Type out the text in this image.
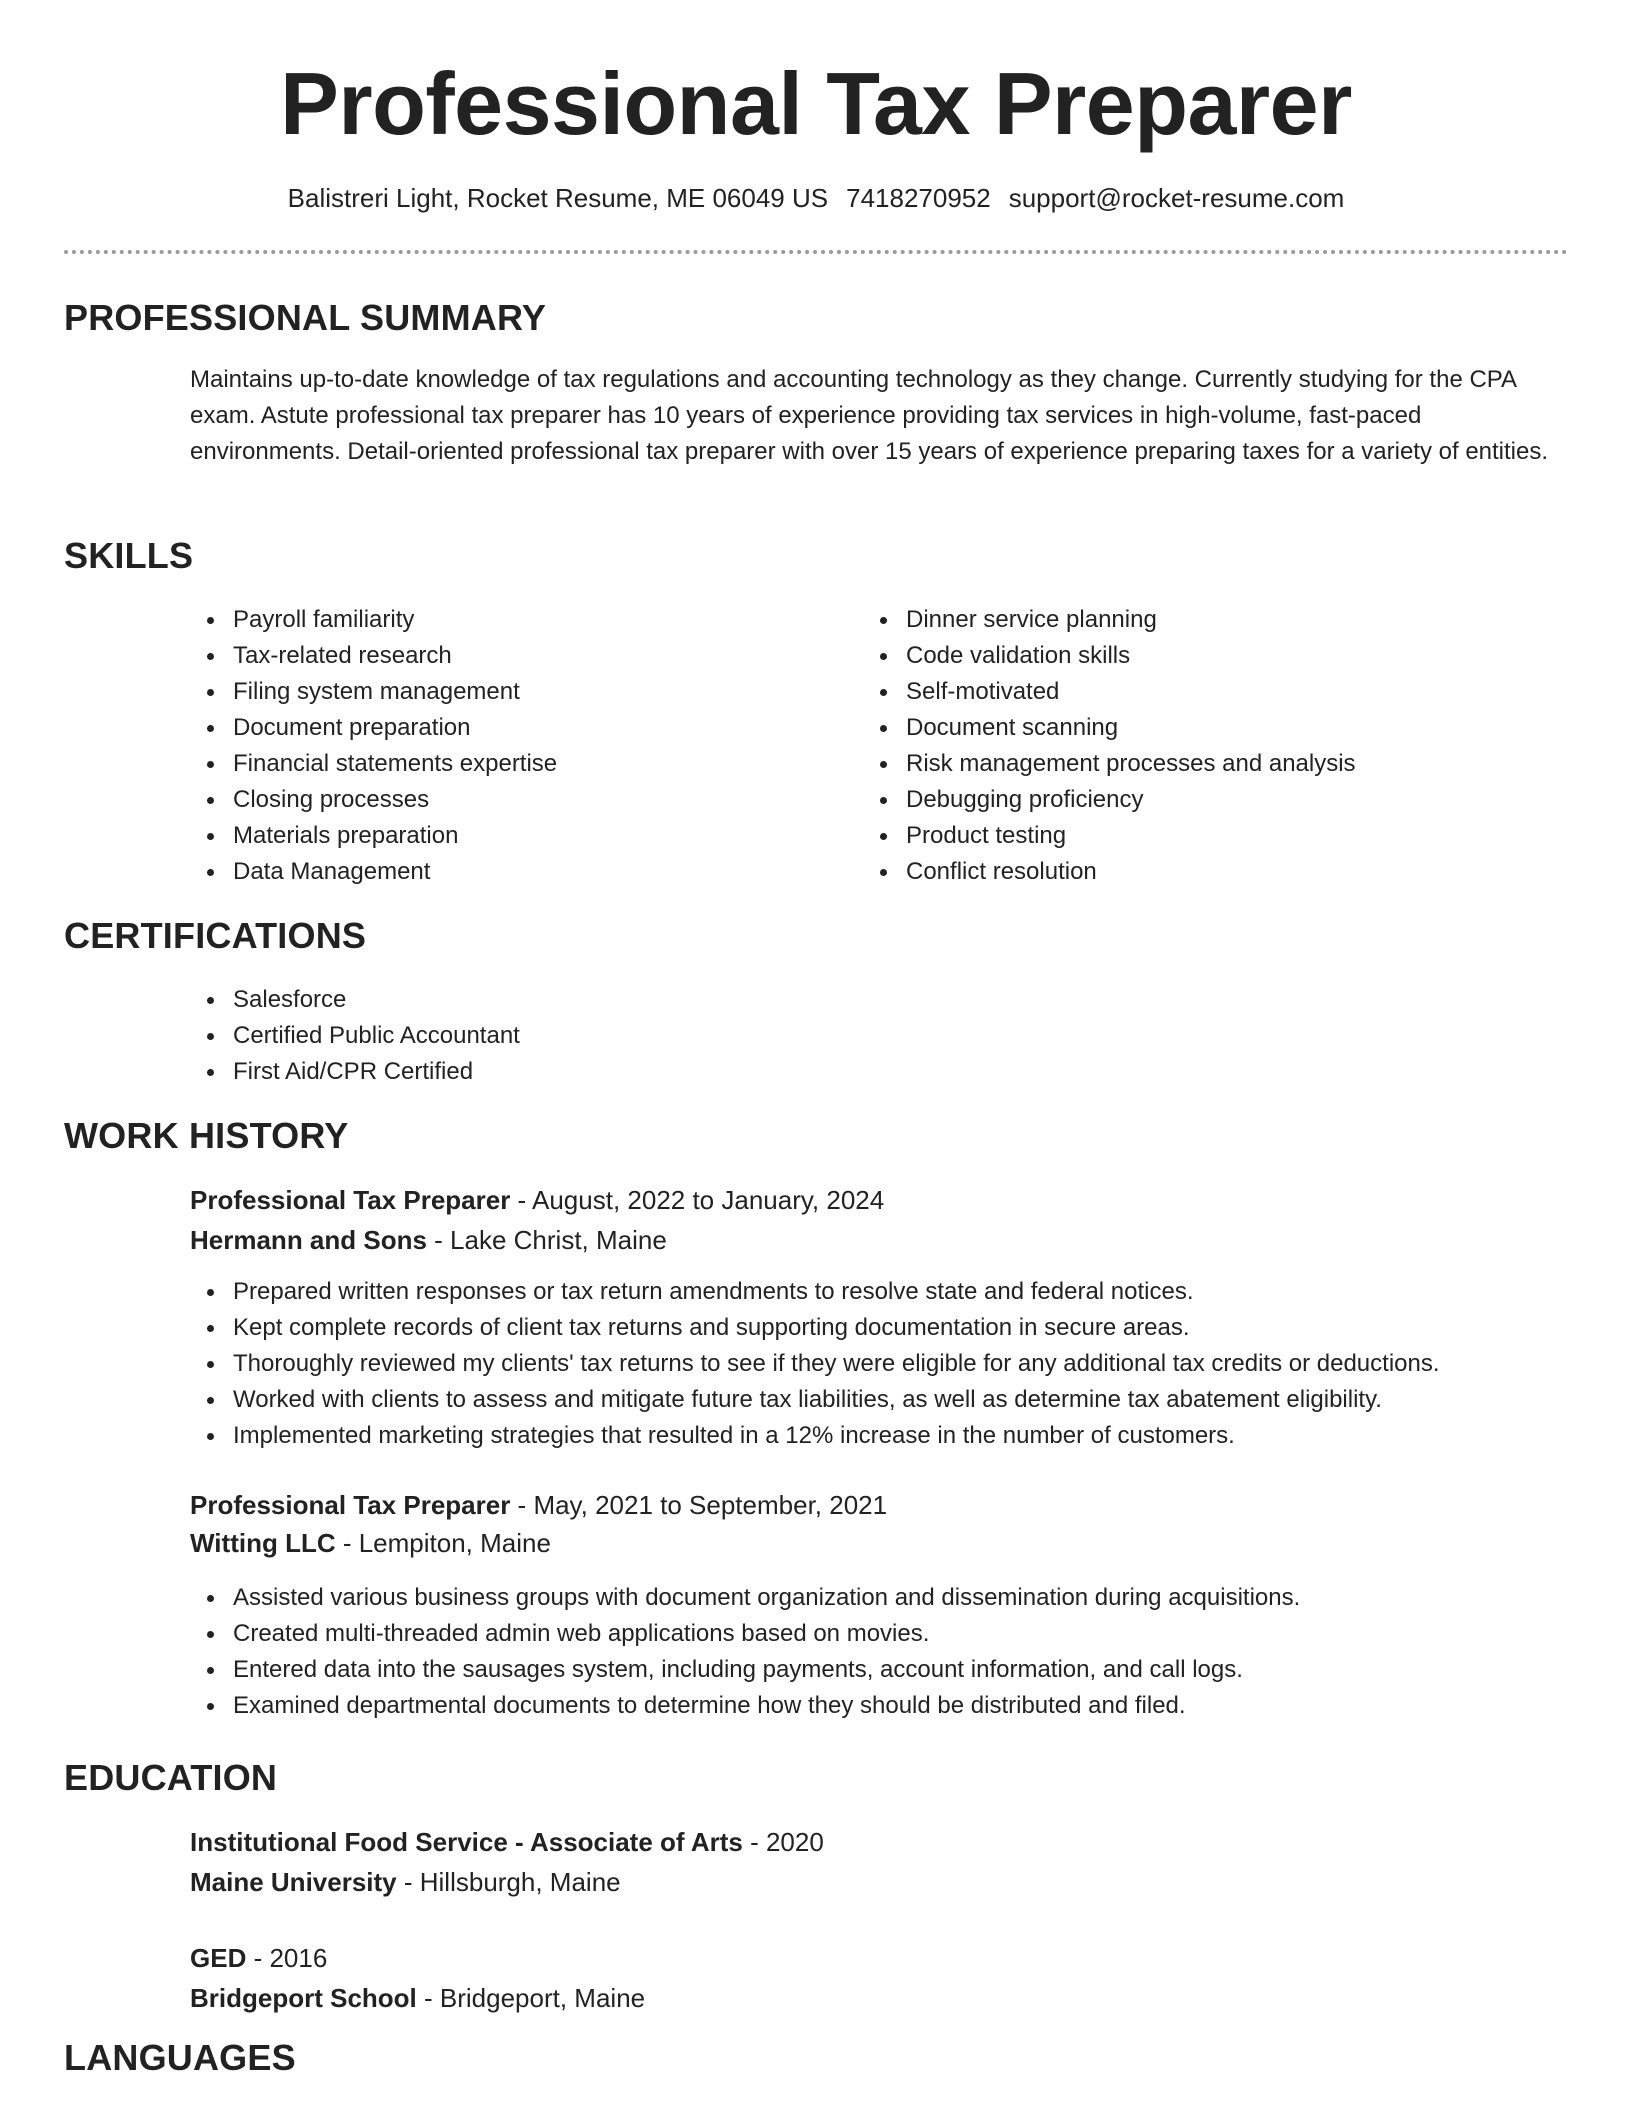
Professional Tax Preparer
Balistreri Light, Rocket Resume, ME 06049 US 7418270952 support@rocket-resume.com
PROFESSIONAL SUMMARY
Maintains up-to-date knowledge of tax regulations and accounting technology as they change. Currently studying for the CPA exam. Astute professional tax preparer has 10 years of experience providing tax services in high-volume, fast-paced environments. Detail-oriented professional tax preparer with over 15 years of experience preparing taxes for a variety of entities.
SKILLS
Payroll familiarity
Tax-related research
Filing system management
Document preparation
Financial statements expertise
Closing processes
Materials preparation
Data Management
Dinner service planning
Code validation skills
Self-motivated
Document scanning
Risk management processes and analysis
Debugging proficiency
Product testing
Conflict resolution
CERTIFICATIONS
Salesforce
Certified Public Accountant
First Aid/CPR Certified
WORK HISTORY
Professional Tax Preparer - August, 2022 to January, 2024
Hermann and Sons - Lake Christ, Maine
Prepared written responses or tax return amendments to resolve state and federal notices.
Kept complete records of client tax returns and supporting documentation in secure areas.
Thoroughly reviewed my clients' tax returns to see if they were eligible for any additional tax credits or deductions.
Worked with clients to assess and mitigate future tax liabilities, as well as determine tax abatement eligibility.
Implemented marketing strategies that resulted in a 12% increase in the number of customers.
Professional Tax Preparer - May, 2021 to September, 2021
Witting LLC - Lempiton, Maine
Assisted various business groups with document organization and dissemination during acquisitions.
Created multi-threaded admin web applications based on movies.
Entered data into the sausages system, including payments, account information, and call logs.
Examined departmental documents to determine how they should be distributed and filed.
EDUCATION
Institutional Food Service - Associate of Arts - 2020
Maine University - Hillsburgh, Maine
GED - 2016
Bridgeport School - Bridgeport, Maine
LANGUAGES
